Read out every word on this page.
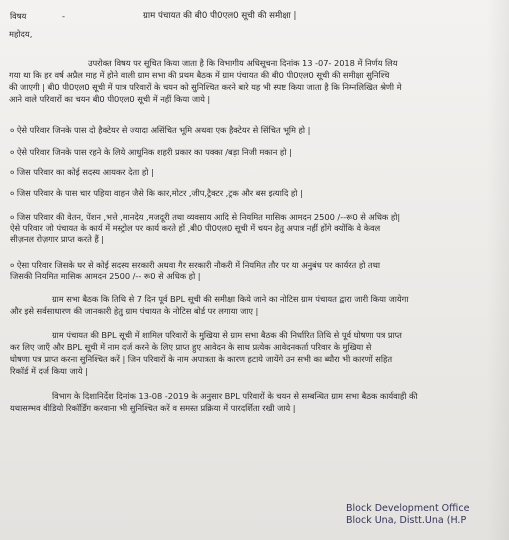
विषय	-	ग्राम पंचायत की बी0 पी0एल0 सूची की समीक्षा |
महोदय,
उपरोक्त विषय पर सूचित किया जाता है कि विभागीय अधिसूचना दिनांक 13 -07- 2018 में निर्णय लिय
गया था कि हर वर्ष अप्रैल माह में होने वाली ग्राम सभा की प्रथम बैठक में ग्राम पंचायत की बी0 पी0एल0 सूची की समीक्षा सुनिश्चि
की जाएगी | बी0 पी0एल0 सूची में पात्र परिवारों के चयन को सुनिश्चित करने बारे यह भी स्पष्ट किया जाता है कि निम्नलिखित श्रेणी मे
आने वाले परिवारों का चयन बी0 पी0एल0 सूची में नहीं किया जाये |
० ऐसे परिवार जिनके पास दो हैक्टेयर से ज्यादा असिंचित भूमि अथवा एक हैक्टेयर से सिंचित भूमि हो |
० ऐसे परिवार जिनके पास रहने के लिये आधुनिक शहरी प्रकार का पक्का /बड़ा निजी मकान हो |
० जिस परिवार का कोई सदस्य आयकर देता हो |
० जिस परिवार के पास चार पहिया वाहन जैसे कि कार,मोटर ,जीप,ट्रैक्टर ,ट्रक और बस इत्यादि हो |
० जिस परिवार की वेतन, पेंशन ,भत्ते ,मानदेय ,मजदूरी तथा व्यवसाय आदि से नियमित मासिक आमदन 2500 /--रू0 से अधिक हो|
ऐसे परिवार जो पंचायत के कार्य में मस्ट्रोल पर कार्य करते हों ,बी0 पी0एल0 सूची में चयन हेतु अपात्र नहीं होंगे क्योंकि वे केवल
सीज़नल रोज़गार प्राप्त करते हैं |
० ऐसा परिवार जिसके घर से कोई सदस्य सरकारी अथवा गैर सरकारी नौकरी में नियमित तौर पर या अनुबंध पर कार्यरत हो तथा
जिसकी नियमित मासिक आमदन 2500 /-- रू0 से अधिक हो |
ग्राम सभा बैठक कि तिथि से 7 दिन पूर्व BPL सूची की समीक्षा किये जाने का नोटिस ग्राम पंचायत द्वारा जारी किया जायेगा
और इसे सर्वसाधारण की जानकारी हेतु ग्राम पंचायत के नोटिस बोर्ड पर लगाया जाए |
ग्राम पंचायत की BPL सूची में शामिल परिवारों के मुखिया से ग्राम सभा बैठक की निर्धारित तिथि से पूर्व घोषणा पत्र प्राप्त
कर लिए जाएँ और BPL सूची में नाम दर्ज करने के लिए प्राप्त हुए आवेदन के साथ प्रत्येक आवेदनकर्ता परिवार के मुखिया से
घोषणा पत्र प्राप्त करना सुनिश्चित करें | जिन परिवारों के नाम अपात्रता के कारण हटाये जायेंगे उन सभी का ब्यौरा भी कारणों सहित
रिकॉर्ड में दर्ज किया जाये |
विभाग के दिशानिर्देश दिनांक 13-08 -2019 के अनुसार BPL परिवारों के चयन से सम्बन्धित ग्राम सभा बैठक कार्यवाही की
यथासम्भव वीडियो रिकॉर्डिंग करवाना भी सुनिश्चित करें व समस्त प्रक्रिया में पारदर्शिता रखी जाये |
Block Development Office
Block Una, Distt.Una (H.P
